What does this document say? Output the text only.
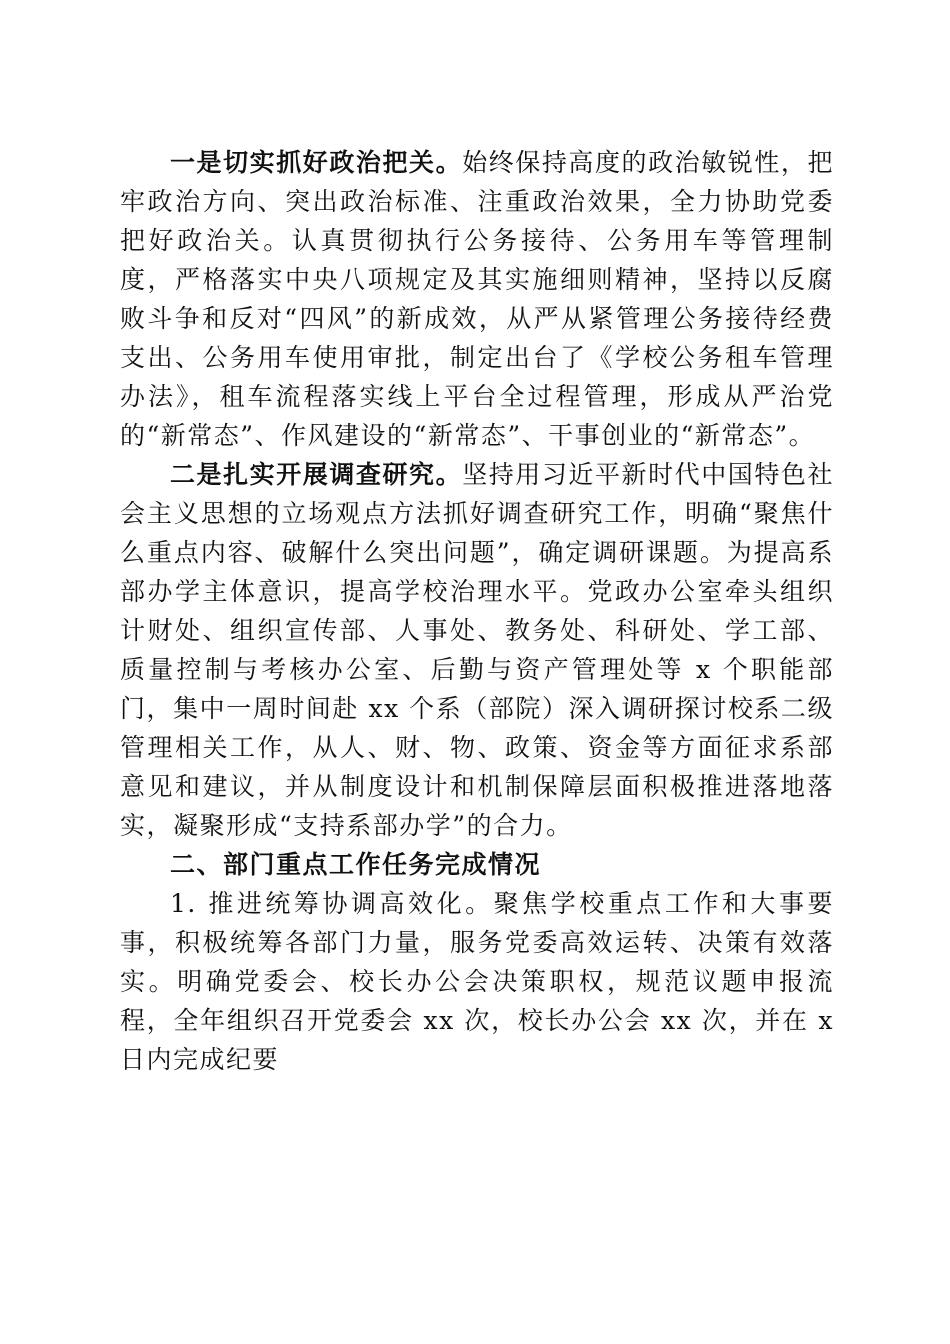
一是切实抓好政治把关。始终保持高度的政治敏锐性，把牢政治方向、突出政治标准、注重政治效果，全力协助党委把好政治关。认真贯彻执行公务接待、公务用车等管理制度，严格落实中央八项规定及其实施细则精神，坚持以反腐败斗争和反对“四风”的新成效，从严从紧管理公务接待经费支出、公务用车使用审批，制定出台了《学校公务租车管理办法》，租车流程落实线上平台全过程管理，形成从严治党的“新常态”、作风建设的“新常态”、干事创业的“新常态”。

二是扎实开展调查研究。坚持用习近平新时代中国特色社会主义思想的立场观点方法抓好调查研究工作，明确“聚焦什么重点内容、破解什么突出问题”，确定调研课题。为提高系部办学主体意识，提高学校治理水平。党政办公室牵头组织计财处、组织宣传部、人事处、教务处、科研处、学工部、质量控制与考核办公室、后勤与资产管理处等 x 个职能部门，集中一周时间赴 xx 个系（部院）深入调研探讨校系二级管理相关工作，从人、财、物、政策、资金等方面征求系部意见和建议，并从制度设计和机制保障层面积极推进落地落实，凝聚形成“支持系部办学”的合力。

二、部门重点工作任务完成情况

1. 推进统筹协调高效化。聚焦学校重点工作和大事要事，积极统筹各部门力量，服务党委高效运转、决策有效落实。明确党委会、校长办公会决策职权，规范议题申报流程，全年组织召开党委会 xx 次，校长办公会 xx 次，并在 x 日内完成纪要
